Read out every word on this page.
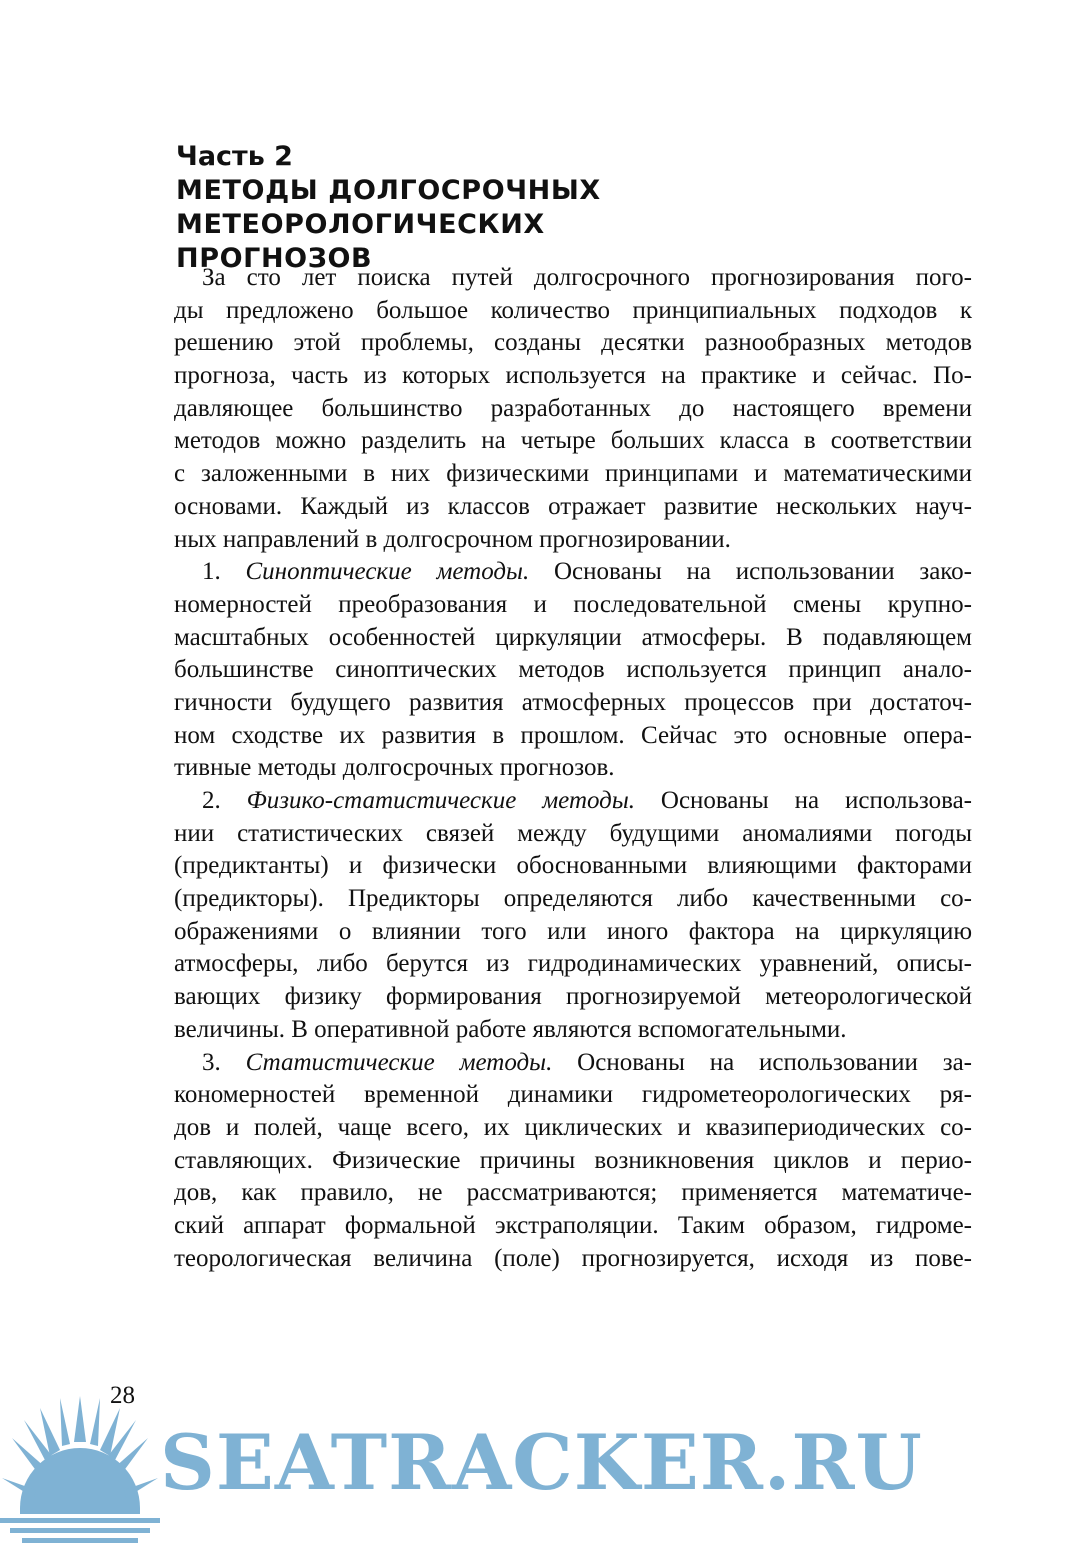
Часть 2
МЕТОДЫ ДОЛГОСРОЧНЫХ МЕТЕОРОЛОГИЧЕСКИХ
ПРОГНОЗОВ
За сто лет поиска путей долгосрочного прогнозирования пого-
ды предложено большое количество принципиальных подходов к
решению этой проблемы, созданы десятки разнообразных методов
прогноза, часть из которых используется на практике и сейчас. По-
давляющее большинство разработанных до настоящего времени
методов можно разделить на четыре больших класса в соответствии
с заложенными в них физическими принципами и математическими
основами. Каждый из классов отражает развитие нескольких науч-
ных направлений в долгосрочном прогнозировании.
1. Синоптические методы. Основаны на использовании зако-
номерностей преобразования и последовательной смены крупно-
масштабных особенностей циркуляции атмосферы. В подавляющем
большинстве синоптических методов используется принцип анало-
гичности будущего развития атмосферных процессов при достаточ-
ном сходстве их развития в прошлом. Сейчас это основные опера-
тивные методы долгосрочных прогнозов.
2. Физико-статистические методы. Основаны на использова-
нии статистических связей между будущими аномалиями погоды
(предиктанты) и физически обоснованными влияющими факторами
(предикторы). Предикторы определяются либо качественными со-
ображениями о влиянии того или иного фактора на циркуляцию
атмосферы, либо берутся из гидродинамических уравнений, описы-
вающих физику формирования прогнозируемой метеорологической
величины. В оперативной работе являются вспомогательными.
3. Статистические методы. Основаны на использовании за-
кономерностей временной динамики гидрометеорологических ря-
дов и полей, чаще всего, их циклических и квазипериодических со-
ставляющих. Физические причины возникновения циклов и перио-
дов, как правило, не рассматриваются; применяется математиче-
ский аппарат формальной экстраполяции. Таким образом, гидроме-
теорологическая величина (поле) прогнозируется, исходя из пове-
28
SEATRACKER.RU
